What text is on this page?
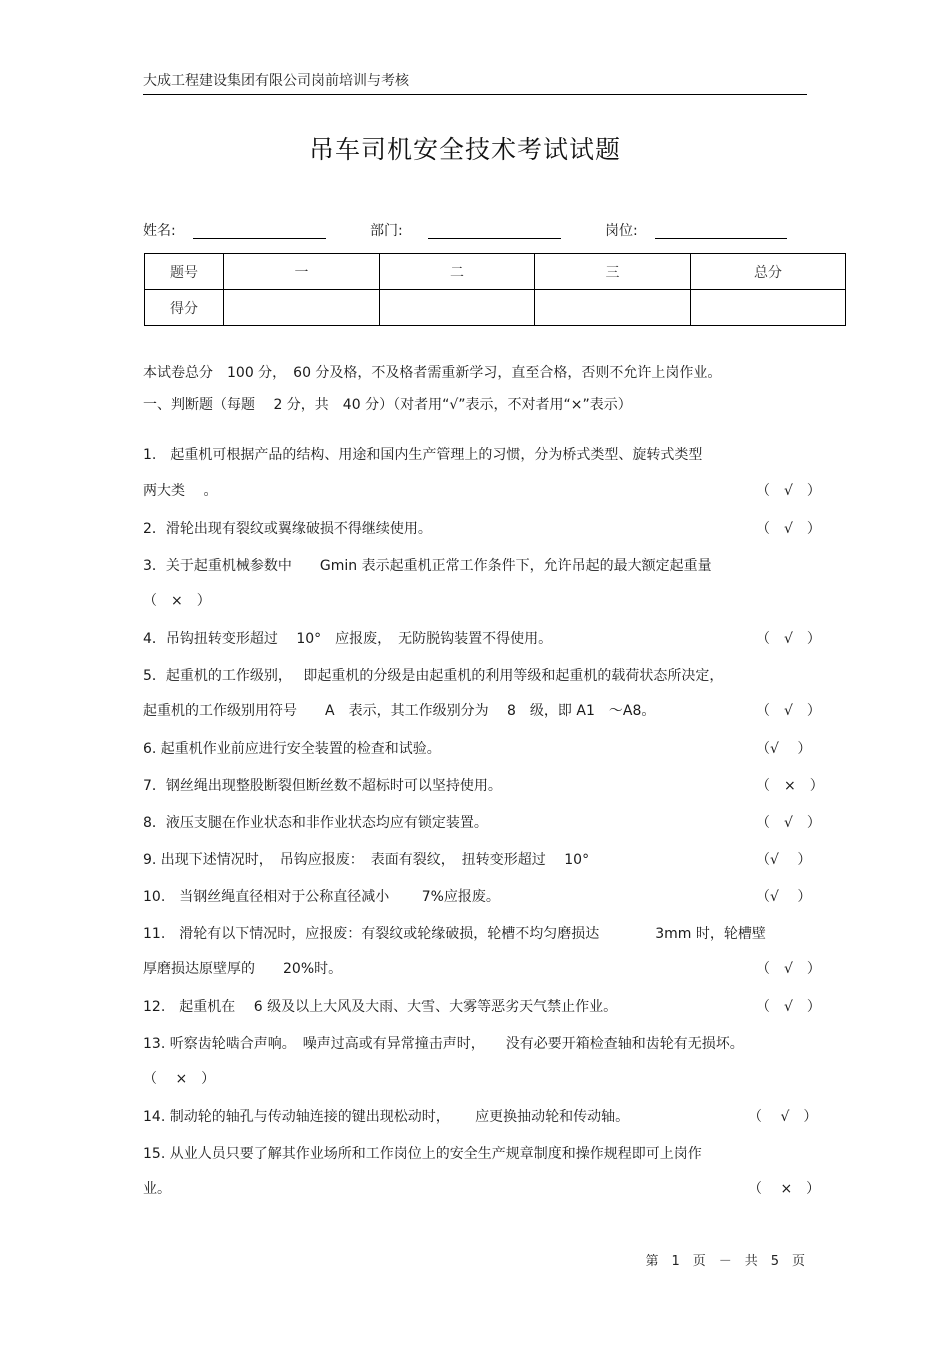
大成工程建设集团有限公司岗前培训与考核
吊车司机安全技术考试试题
姓名:	部门:	岗位:
题号	一	二	三	总分
得分				
本试卷总分　100 分，　60 分及格，不及格者需重新学习，直至合格，否则不允许上岗作业。
一、判断题（每题　 2 分，共　40 分）（对者用“√”表示，不对者用“×”表示）
1.　起重机可根据产品的结构、用途和国内生产管理上的习惯，分为桥式类型、旋转式类型
两大类　 。	（　√　）
2．滑轮出现有裂纹或翼缘破损不得继续使用。	（　√　）
3．关于起重机械参数中　　Gmin 表示起重机正常工作条件下，允许吊起的最大额定起重量
（　×　）
4．吊钩扭转变形超过　 10°　应报废，　无防脱钩装置不得使用。	（　√　）
5．起重机的工作级别，　 即起重机的分级是由起重机的利用等级和起重机的载荷状态所决定，
起重机的工作级别用符号　　A　表示，其工作级别分为　 8　级，即 A1　～A8。	（　√　）
6. 起重机作业前应进行安全装置的检查和试验。	（√　 ）
7．钢丝绳出现整股断裂但断丝数不超标时可以坚持使用。	（　×　）
8．液压支腿在作业状态和非作业状态均应有锁定装置。	（　√　）
9. 出现下述情况时，　吊钩应报废：　表面有裂纹，　扭转变形超过　 10°	（√　 ）
10.　当钢丝绳直径相对于公称直径减小　　 7%应报废。	（√　 ）
11.　滑轮有以下情况时，应报废：有裂纹或轮缘破损，轮槽不均匀磨损达　　　　3mm 时，轮槽壁
厚磨损达原壁厚的　　20%时。	（　√　）
12.　起重机在　 6 级及以上大风及大雨、大雪、大雾等恶劣天气禁止作业。	（　√　）
13. 听察齿轮啮合声响。　噪声过高或有异常撞击声时，　　没有必要开箱检查轴和齿轮有无损坏。
（　 ×　）
14. 制动轮的轴孔与传动轴连接的键出现松动时，　　 应更换抽动轮和传动轴。	（　 √　）
15. 从业人员只要了解其作业场所和工作岗位上的安全生产规章制度和操作规程即可上岗作
业。	（　 ×　）
第　1　页　－　共　5　页
